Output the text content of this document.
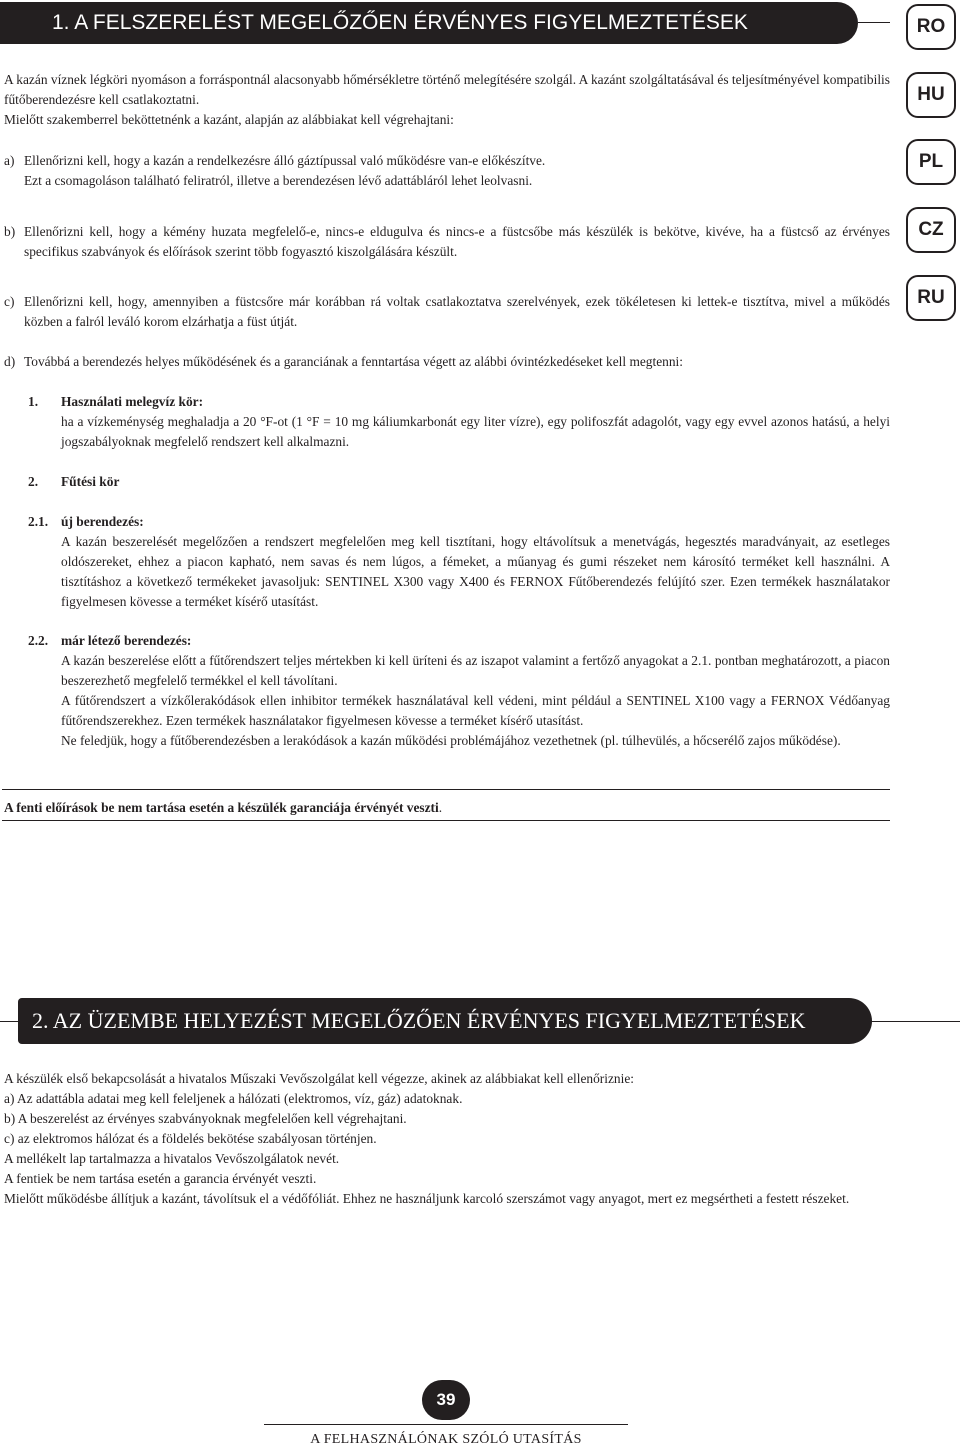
1. A FELSZERELÉST MEGELŐZŐEN ÉRVÉNYES FIGYELMEZTETÉSEK	RO
HU
PL
CZ
RU
A kazán víznek légköri nyomáson a forráspontnál alacsonyabb hőmérsékletre történő melegítésére szolgál. A kazánt szolgáltatásával és teljesítményével kompatibilis fűtőberendezésre kell csatlakoztatni.
Mielőtt szakemberrel beköttetnénk a kazánt, alapján az alábbiakat kell végrehajtani:
a) Ellenőrizni kell, hogy a kazán a rendelkezésre álló gáztípussal való működésre van-e előkészítve.
Ezt a csomagoláson található feliratról, illetve a berendezésen lévő adattábláról lehet leolvasni.
b) Ellenőrizni kell, hogy a kémény huzata megfelelő-e, nincs-e eldugulva és nincs-e a füstcsőbe más készülék is bekötve, kivéve, ha a füstcső az érvényes specifikus szabványok és előírások szerint több fogyasztó kiszolgálására készült.
c) Ellenőrizni kell, hogy, amennyiben a füstcsőre már korábban rá voltak csatlakoztatva szerelvények, ezek tökéletesen ki lettek-e tisztítva, mivel a működés közben a falról leváló korom elzárhatja a füst útját.
d) Továbbá a berendezés helyes működésének és a garanciának a fenntartása végett az alábbi óvintézkedéseket kell megtenni:
1. Használati melegvíz kör:
ha a vízkeménység meghaladja a 20 °F-ot (1 °F = 10 mg káliumkarbonát egy liter vízre), egy polifoszfát adagolót, vagy egy evvel azonos hatású, a helyi jogszabályoknak megfelelő rendszert kell alkalmazni.
2. Fűtési kör
2.1. új berendezés:
A kazán beszerelését megelőzően a rendszert megfelelően meg kell tisztítani, hogy eltávolítsuk a menetvágás, hegesztés maradványait, az esetleges oldószereket, ehhez a piacon kapható, nem savas és nem lúgos, a fémeket, a műanyag és gumi részeket nem károsító terméket kell használni. A tisztításhoz a következő termékeket javasoljuk: SENTINEL X300 vagy X400 és FERNOX Fűtőberendezés felújító szer. Ezen termékek használatakor figyelmesen kövesse a terméket kísérő utasítást.
2.2. már létező berendezés:
A kazán beszerelése előtt a fűtőrendszert teljes mértekben ki kell üríteni és az iszapot valamint a fertőző anyagokat a 2.1. pontban meghatározott, a piacon beszerezhető megfelelő termékkel el kell távolítani.
A fűtőrendszert a vízkőlerakódások ellen inhibitor termékek használatával kell védeni, mint például a SENTINEL X100 vagy a FERNOX Védőanyag fűtőrendszerekhez. Ezen termékek használatakor figyelmesen kövesse a terméket kísérő utasítást.
Ne feledjük, hogy a fűtőberendezésben a lerakódások a kazán működési problémájához vezethetnek (pl. túlhevülés, a hőcserélő zajos működése).
A fenti előírások be nem tartása esetén a készülék garanciája érvényét veszti.
2. AZ ÜZEMBE HELYEZÉST MEGELŐZŐEN ÉRVÉNYES FIGYELMEZTETÉSEK
A készülék első bekapcsolását a hivatalos Műszaki Vevőszolgálat kell végezze, akinek az alábbiakat kell ellenőriznie:
a) Az adattábla adatai meg kell feleljenek a hálózati (elektromos, víz, gáz) adatoknak.
b) A beszerelést az érvényes szabványoknak megfelelően kell végrehajtani.
c) az elektromos hálózat és a földelés bekötése szabályosan történjen.
A mellékelt lap tartalmazza a hivatalos Vevőszolgálatok nevét.
A fentiek be nem tartása esetén a garancia érvényét veszti.
Mielőtt működésbe állítjuk a kazánt, távolítsuk el a védőfóliát. Ehhez ne használjunk karcoló szerszámot vagy anyagot, mert ez megsértheti a festett részeket.
39
A FELHASZNÁLÓNAK SZÓLÓ UTASÍTÁS
